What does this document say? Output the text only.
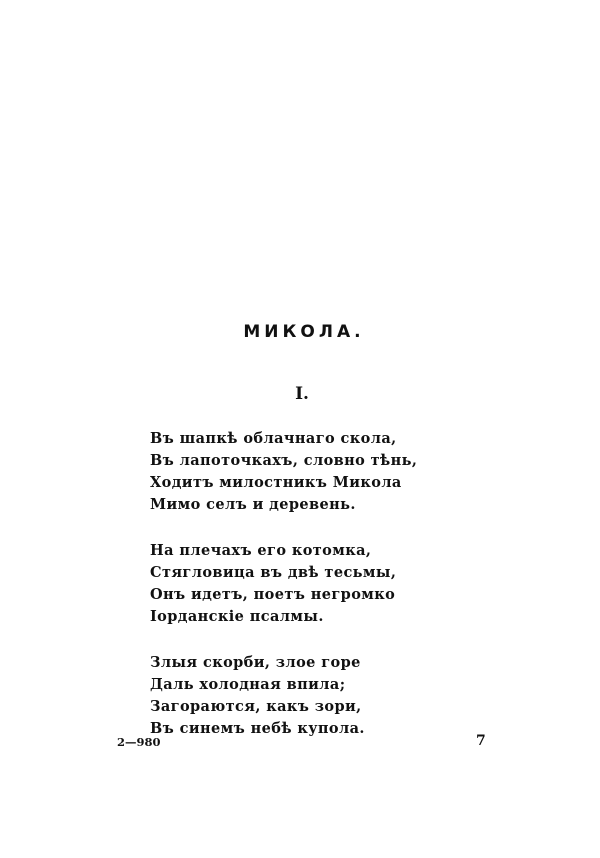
МИКОЛА.
I.
Въ шапкѣ облачнаго скола,
Въ лапоточкахъ, словно тѣнь,
Ходитъ милостникъ Микола
Мимо селъ и деревень.
На плечахъ его котомка,
Стягловица въ двѣ тесьмы,
Онъ идетъ, поетъ негромко
Іорданскіе псалмы.
Злыя скорби, злое горе
Даль холодная впила;
Загораются, какъ зори,
Въ синемъ небѣ купола.
2—980	7
